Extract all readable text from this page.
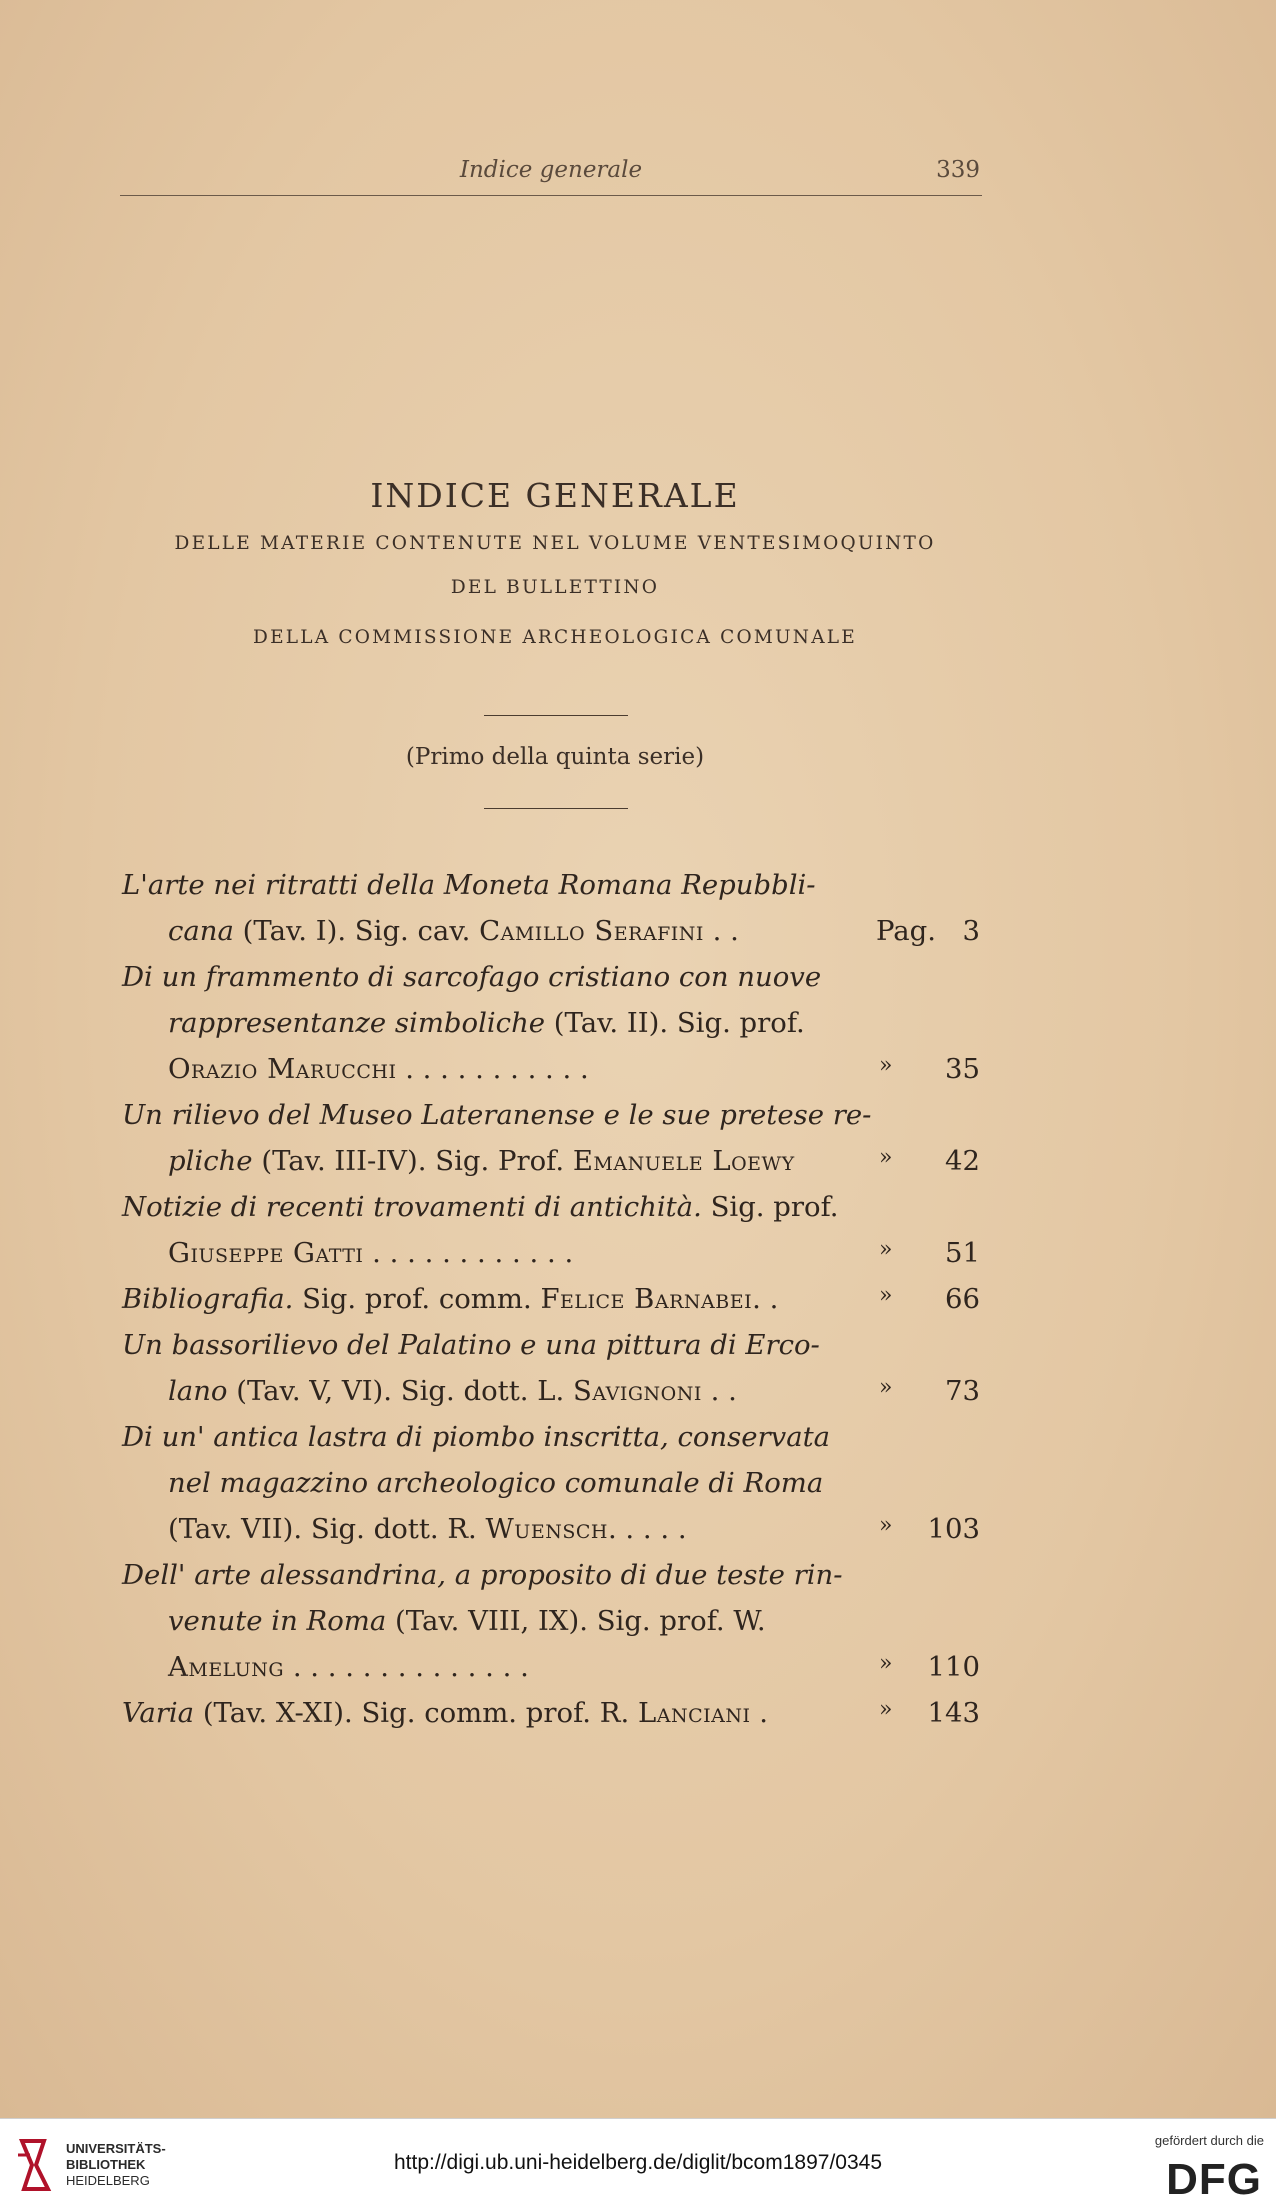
Indice generale	339
INDICE GENERALE
DELLE MATERIE CONTENUTE NEL VOLUME VENTESIMOQUINTO
DEL BULLETTINO
DELLA COMMISSIONE ARCHEOLOGICA COMUNALE
(Primo della quinta serie)
L'arte nei ritratti della Moneta Romana Repubbli-
cana (Tav. I). Sig. cav. Camillo Serafini . .	Pag. 3
Di un frammento di sarcofago cristiano con nuove
rappresentanze simboliche (Tav. II). Sig. prof.
Orazio Marucchi . . . . . . . . . . .	» 35
Un rilievo del Museo Lateranense e le sue pretese re-
pliche (Tav. III-IV). Sig. Prof. Emanuele Loewy	» 42
Notizie di recenti trovamenti di antichità. Sig. prof.
Giuseppe Gatti . . . . . . . . . . . .	» 51
Bibliografia. Sig. prof. comm. Felice Barnabei. .	» 66
Un bassorilievo del Palatino e una pittura di Erco-
lano (Tav. V, VI). Sig. dott. L. Savignoni . .	» 73
Di un' antica lastra di piombo inscritta, conservata
nel magazzino archeologico comunale di Roma
(Tav. VII). Sig. dott. R. Wuensch. . . . .	» 103
Dell' arte alessandrina, a proposito di due teste rin-
venute in Roma (Tav. VIII, IX). Sig. prof. W.
Amelung . . . . . . . . . . . . . .	» 110
Varia (Tav. X-XI). Sig. comm. prof. R. Lanciani .	» 143
UNIVERSITÄTS-
BIBLIOTHEK
HEIDELBERG
http://digi.ub.uni-heidelberg.de/diglit/bcom1897/0345
gefördert durch die
DFG
